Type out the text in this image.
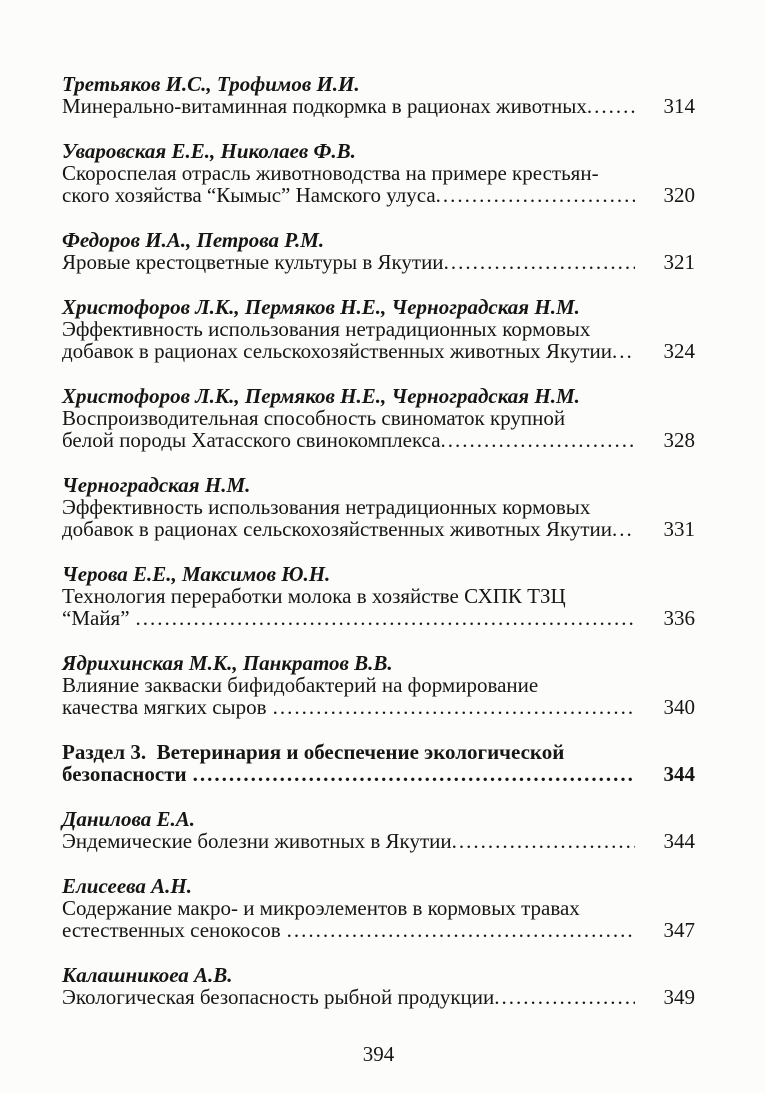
Третьяков И.С., Трофимов И.И.
Минерально-витаминная подкормка в рационах животных .....	314
Уваровская Е.Е., Николаев Ф.В.
Скороспелая отрасль животноводства на примере крестьян-
ского хозяйства “Кымыс” Намского улуса .....	320
Федоров И.А., Петрова Р.М.
Яровые крестоцветные культуры в Якутии .....	321
Христофоров Л.К., Пермяков Н.Е., Черноградская Н.М.
Эффективность использования нетрадиционных кормовых
добавок в рационах сельскохозяйственных животных Якутии .....	324
Христофоров Л.К., Пермяков Н.Е., Черноградская Н.М.
Воспроизводительная способность свиноматок крупной
белой породы Хатасского свинокомплекса .....	328
Черноградская Н.М.
Эффективность использования нетрадиционных кормовых
добавок в рационах сельскохозяйственных животных Якутии .....	331
Черова Е.Е., Максимов Ю.Н.
Технология переработки молока в хозяйстве СХПК ТЗЦ
“Майя” .....	336
Ядрихинская М.К., Панкратов В.В.
Влияние закваски бифидобактерий на формирование
качества мягких сыров .....	340
Раздел 3.  Ветеринария и обеспечение экологической
безопасности .....	344
Данилова Е.А.
Эндемические болезни животных в Якутии .....	344
Елисеева А.Н.
Содержание макро- и микроэлементов в кормовых травах
естественных сенокосов .....	347
Калашникоеа А.В.
Экологическая безопасность рыбной продукции .....	349
394
